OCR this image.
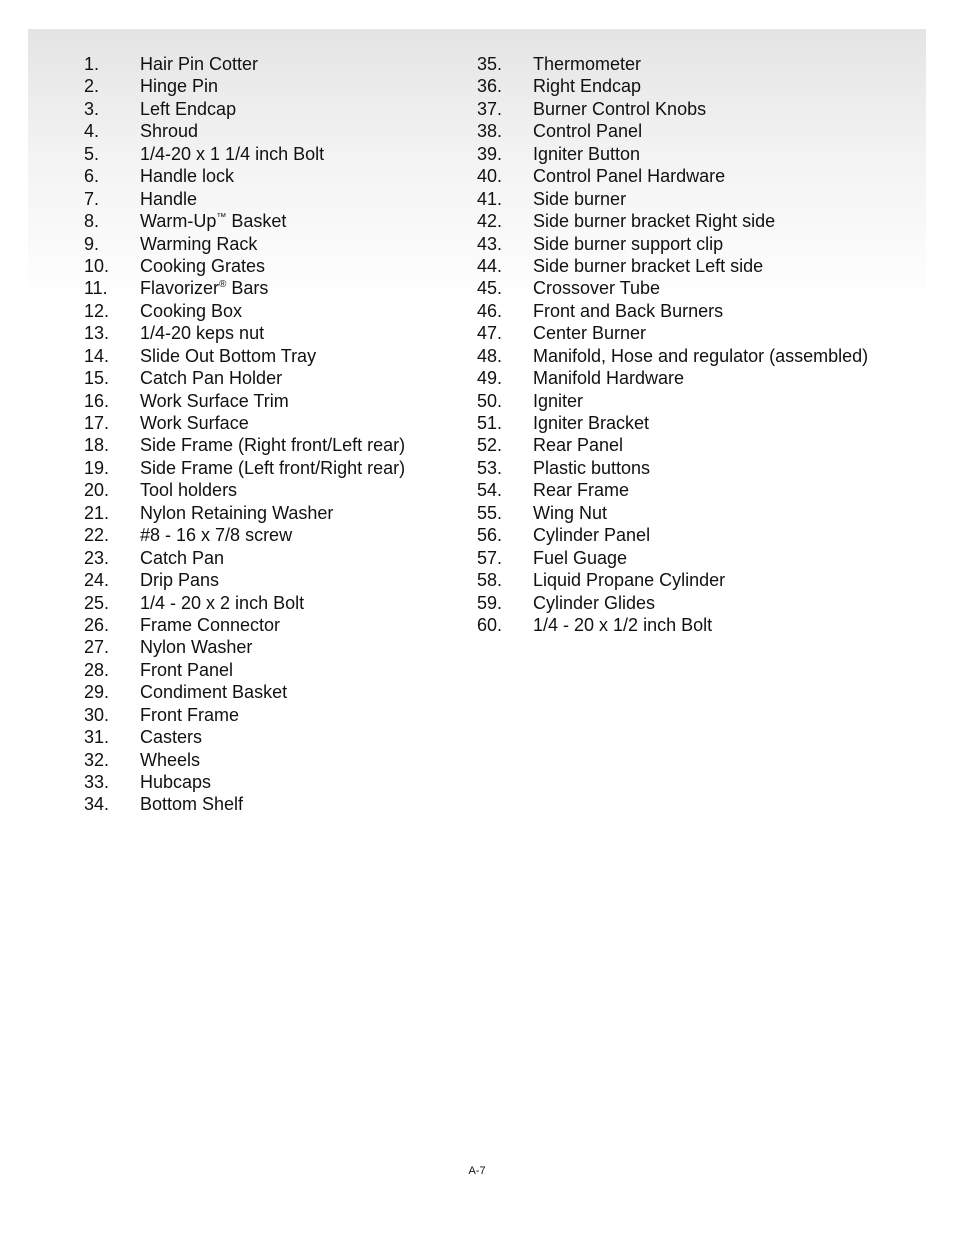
1.	Hair Pin Cotter
2.	Hinge Pin
3.	Left Endcap
4.	Shroud
5.	1/4-20 x 1 1/4 inch Bolt
6.	Handle lock
7.	Handle
8.	Warm-Up™ Basket
9.	Warming Rack
10.	Cooking Grates
11.	Flavorizer® Bars
12.	Cooking Box
13.	1/4-20 keps nut
14.	Slide Out Bottom Tray
15.	Catch Pan Holder
16.	Work Surface Trim
17.	Work Surface
18.	Side Frame (Right front/Left rear)
19.	Side Frame (Left front/Right rear)
20.	Tool holders
21.	Nylon Retaining Washer
22.	#8 - 16 x 7/8 screw
23.	Catch Pan
24.	Drip Pans
25.	1/4 - 20 x 2 inch Bolt
26.	Frame Connector
27.	Nylon Washer
28.	Front Panel
29.	Condiment Basket
30.	Front Frame
31.	Casters
32.	Wheels
33.	Hubcaps
34.	Bottom Shelf
35.	Thermometer
36.	Right Endcap
37.	Burner Control Knobs
38.	Control Panel
39.	Igniter Button
40.	Control Panel Hardware
41.	Side burner
42.	Side burner bracket Right side
43.	Side burner support clip
44.	Side burner bracket Left side
45.	Crossover Tube
46.	Front and Back Burners
47.	Center Burner
48.	Manifold, Hose and regulator (assembled)
49.	Manifold Hardware
50.	Igniter
51.	Igniter Bracket
52.	Rear Panel
53.	Plastic buttons
54.	Rear Frame
55.	Wing Nut
56.	Cylinder Panel
57.	Fuel Guage
58.	Liquid Propane Cylinder
59.	Cylinder Glides
60.	1/4 - 20 x 1/2 inch Bolt
A-7
